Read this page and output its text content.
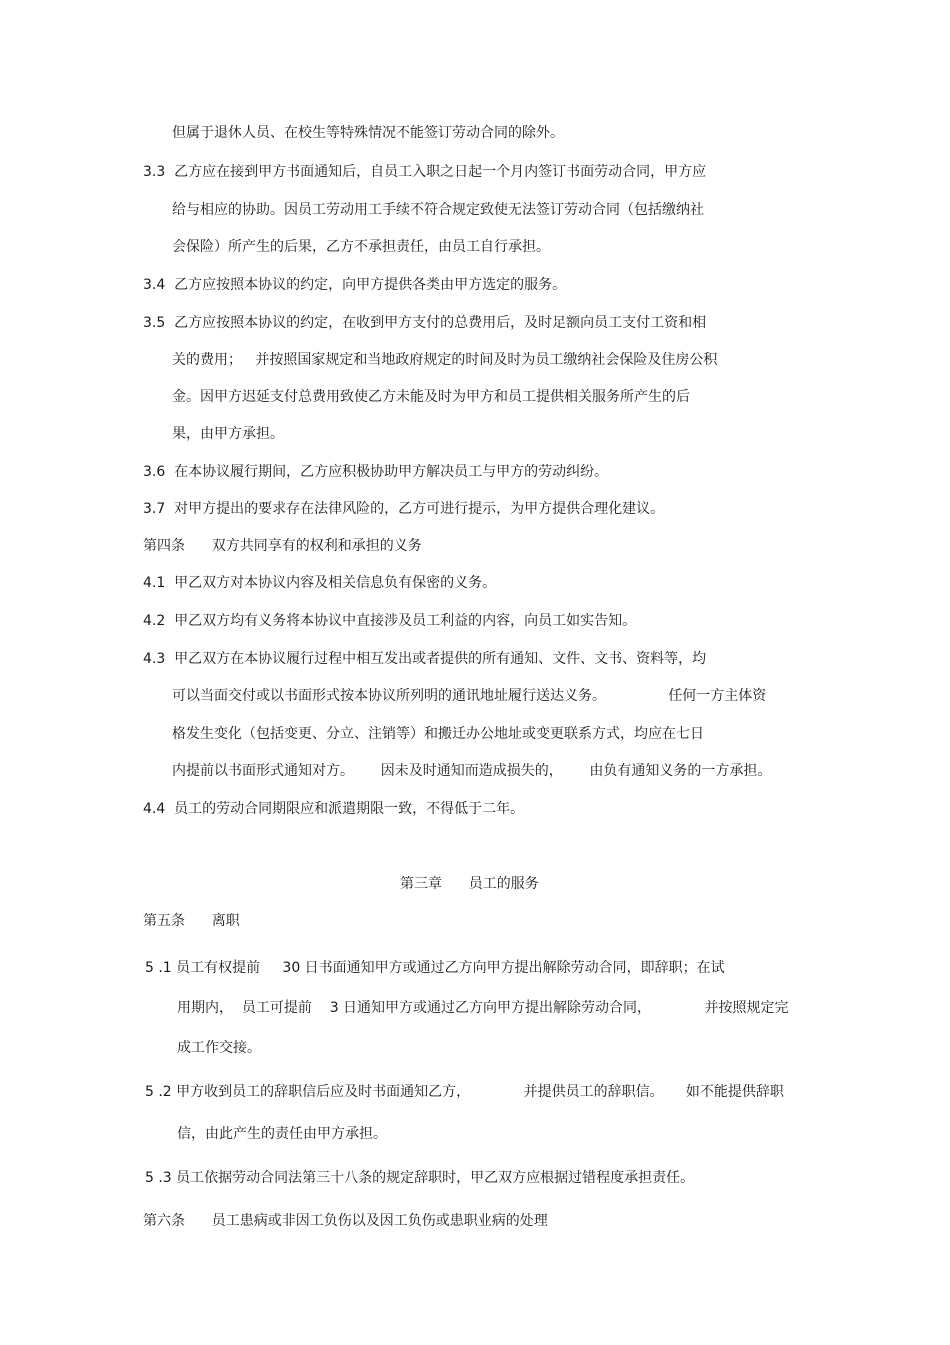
但属于退休人员、在校生等特殊情况不能签订劳动合同的除外。
3.3  乙方应在接到甲方书面通知后，自员工入职之日起一个月内签订书面劳动合同，甲方应
给与相应的协助。因员工劳动用工手续不符合规定致使无法签订劳动合同（包括缴纳社
会保险）所产生的后果，乙方不承担责任，由员工自行承担。
3.4  乙方应按照本协议的约定，向甲方提供各类由甲方选定的服务。
3.5  乙方应按照本协议的约定，在收到甲方支付的总费用后，及时足额向员工支付工资和相
关的费用；   并按照国家规定和当地政府规定的时间及时为员工缴纳社会保险及住房公积
金。因甲方迟延支付总费用致使乙方未能及时为甲方和员工提供相关服务所产生的后
果，由甲方承担。
3.6  在本协议履行期间，乙方应积极协助甲方解决员工与甲方的劳动纠纷。
3.7  对甲方提出的要求存在法律风险的，乙方可进行提示，为甲方提供合理化建议。
第四条      双方共同享有的权利和承担的义务
4.1  甲乙双方对本协议内容及相关信息负有保密的义务。
4.2  甲乙双方均有义务将本协议中直接涉及员工利益的内容，向员工如实告知。
4.3  甲乙双方在本协议履行过程中相互发出或者提供的所有通知、文件、文书、资料等，均
可以当面交付或以书面形式按本协议所列明的通讯地址履行送达义务。              任何一方主体资
格发生变化（包括变更、分立、注销等）和搬迁办公地址或变更联系方式，均应在七日
内提前以书面形式通知对方。      因未及时通知而造成损失的，      由负有通知义务的一方承担。
4.4  员工的劳动合同期限应和派遣期限一致，不得低于二年。
第三章      员工的服务
第五条      离职
5 .1 员工有权提前     30 日书面通知甲方或通过乙方向甲方提出解除劳动合同，即辞职；在试
用期内，  员工可提前    3 日通知甲方或通过乙方向甲方提出解除劳动合同，            并按照规定完
成工作交接。
5 .2 甲方收到员工的辞职信后应及时书面通知乙方，            并提供员工的辞职信。     如不能提供辞职
信，由此产生的责任由甲方承担。
5 .3 员工依据劳动合同法第三十八条的规定辞职时，甲乙双方应根据过错程度承担责任。
第六条      员工患病或非因工负伤以及因工负伤或患职业病的处理
